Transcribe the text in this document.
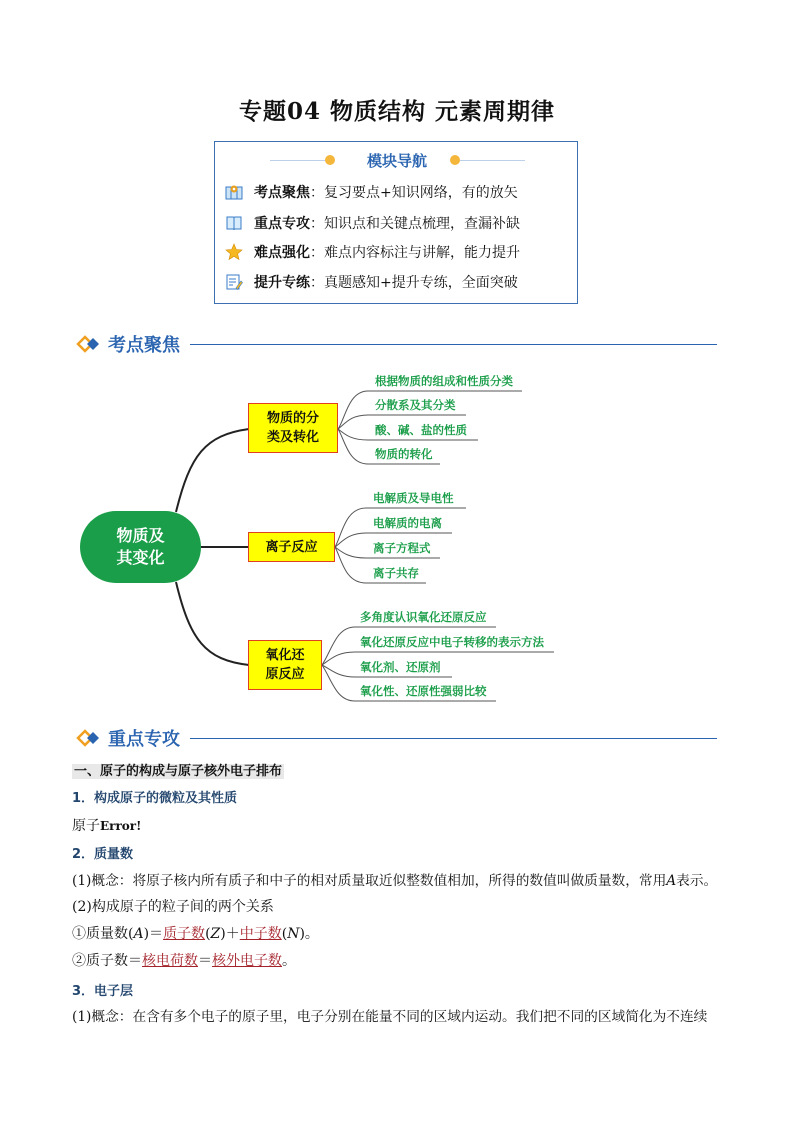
专题04 物质结构 元素周期律
模块导航
考点聚焦 ：复习要点+知识网络，有的放矢
重点专攻 ：知识点和关键点梳理，查漏补缺
难点强化 ：难点内容标注与讲解，能力提升
提升专练 ：真题感知+提升专练，全面突破
考点聚焦
物质及
其变化
物质的分
类及转化
离子反应
氧化还
原反应
根据物质的组成和性质分类
分散系及其分类
酸、碱、盐的性质
物质的转化
电解质及导电性
电解质的电离
离子方程式
离子共存
多角度认识氧化还原反应
氧化还原反应中电子转移的表示方法
氧化剂、还原剂
氧化性、还原性强弱比较
重点专攻
一、原子的构成与原子核外电子排布
1．构成原子的微粒及其性质
原子Error!
2．质量数
(1)概念：将原子核内所有质子和中子的相对质量取近似整数值相加，所得的数值叫做质量数，常用A表示。
(2)构成原子的粒子间的两个关系
①质量数(A)＝质子数(Z)＋中子数(N)。
②质子数＝核电荷数＝核外电子数。
3．电子层
(1)概念：在含有多个电子的原子里，电子分别在能量不同的区域内运动。我们把不同的区域简化为不连续
